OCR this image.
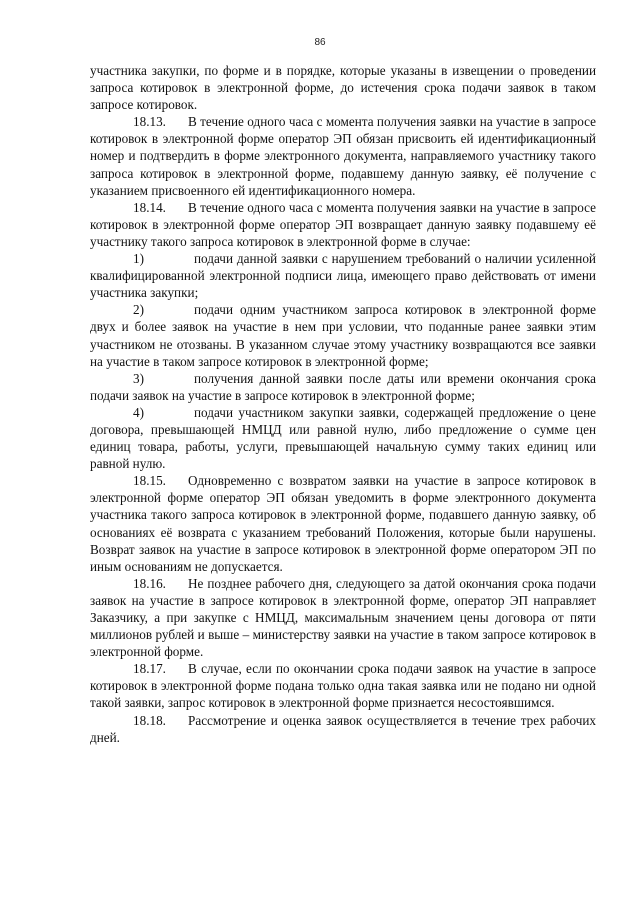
86

участника закупки, по форме и в порядке, которые указаны в извещении о проведении запроса котировок в электронной форме, до истечения срока подачи заявок в таком запросе котировок.

18.13. В течение одного часа с момента получения заявки на участие в запросе котировок в электронной форме оператор ЭП обязан присвоить ей идентификационный номер и подтвердить в форме электронного документа, направляемого участнику такого запроса котировок в электронной форме, подавшему данную заявку, её получение с указанием присвоенного ей идентификационного номера.

18.14. В течение одного часа с момента получения заявки на участие в запросе котировок в электронной форме оператор ЭП возвращает данную заявку подавшему её участнику такого запроса котировок в электронной форме в случае:

1)	подачи данной заявки с нарушением требований о наличии усиленной квалифицированной электронной подписи лица, имеющего право действовать от имени участника закупки;

2)	подачи одним участником запроса котировок в электронной форме двух и более заявок на участие в нем при условии, что поданные ранее заявки этим участником не отозваны. В указанном случае этому участнику возвращаются все заявки на участие в таком запросе котировок в электронной форме;

3)	получения данной заявки после даты или времени окончания срока подачи заявок на участие в запросе котировок в электронной форме;

4)	подачи участником закупки заявки, содержащей предложение о цене договора, превышающей НМЦД или равной нулю, либо предложение о сумме цен единиц товара, работы, услуги, превышающей начальную сумму таких единиц или равной нулю.

18.15. Одновременно с возвратом заявки на участие в запросе котировок в электронной форме оператор ЭП обязан уведомить в форме электронного документа участника такого запроса котировок в электронной форме, подавшего данную заявку, об основаниях её возврата с указанием требований Положения, которые были нарушены. Возврат заявок на участие в запросе котировок в электронной форме оператором ЭП по иным основаниям не допускается.

18.16. Не позднее рабочего дня, следующего за датой окончания срока подачи заявок на участие в запросе котировок в электронной форме, оператор ЭП направляет Заказчику, а при закупке с НМЦД, максимальным значением цены договора от пяти миллионов рублей и выше – министерству заявки на участие в таком запросе котировок в электронной форме.

18.17. В случае, если по окончании срока подачи заявок на участие в запросе котировок в электронной форме подана только одна такая заявка или не подано ни одной такой заявки, запрос котировок в электронной форме признается несостоявшимся.

18.18. Рассмотрение и оценка заявок осуществляется в течение трех рабочих дней.
